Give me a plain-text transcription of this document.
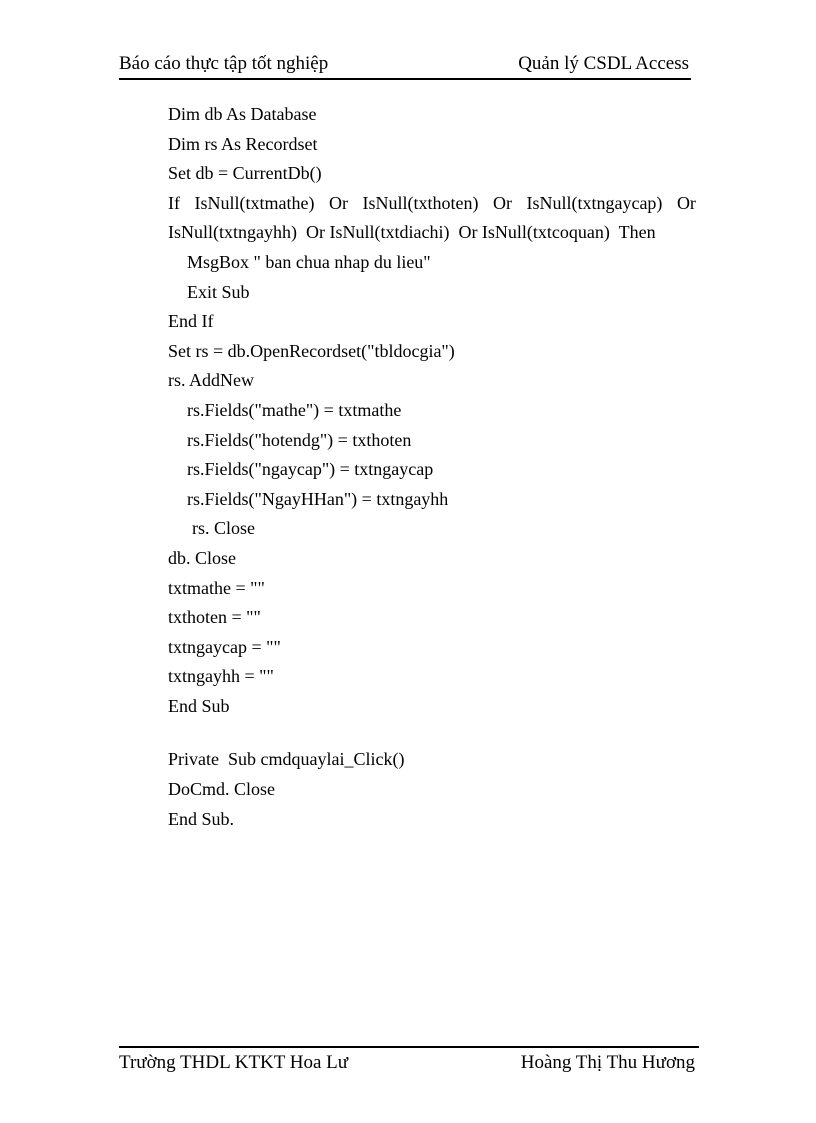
Báo cáo thực tập tốt nghiệp	Quản lý CSDL Access
Dim db As Database
Dim rs As Recordset
Set db = CurrentDb()
If IsNull(txtmathe) Or IsNull(txthoten) Or IsNull(txtngaycap) Or
IsNull(txtngayhh)  Or IsNull(txtdiachi)  Or IsNull(txtcoquan)  Then
MsgBox " ban chua nhap du lieu"
Exit Sub
End If
Set rs = db.OpenRecordset("tbldocgia")
rs. AddNew
rs.Fields("mathe") = txtmathe
rs.Fields("hotendg") = txthoten
rs.Fields("ngaycap") = txtngaycap
rs.Fields("NgayHHan") = txtngayhh
rs. Close
db. Close
txtmathe = ""
txthoten = ""
txtngaycap = ""
txtngayhh = ""
End Sub
Private  Sub cmdquaylai_Click()
DoCmd. Close
End Sub.
Trường THDL KTKT Hoa Lư	Hoàng Thị Thu Hương
